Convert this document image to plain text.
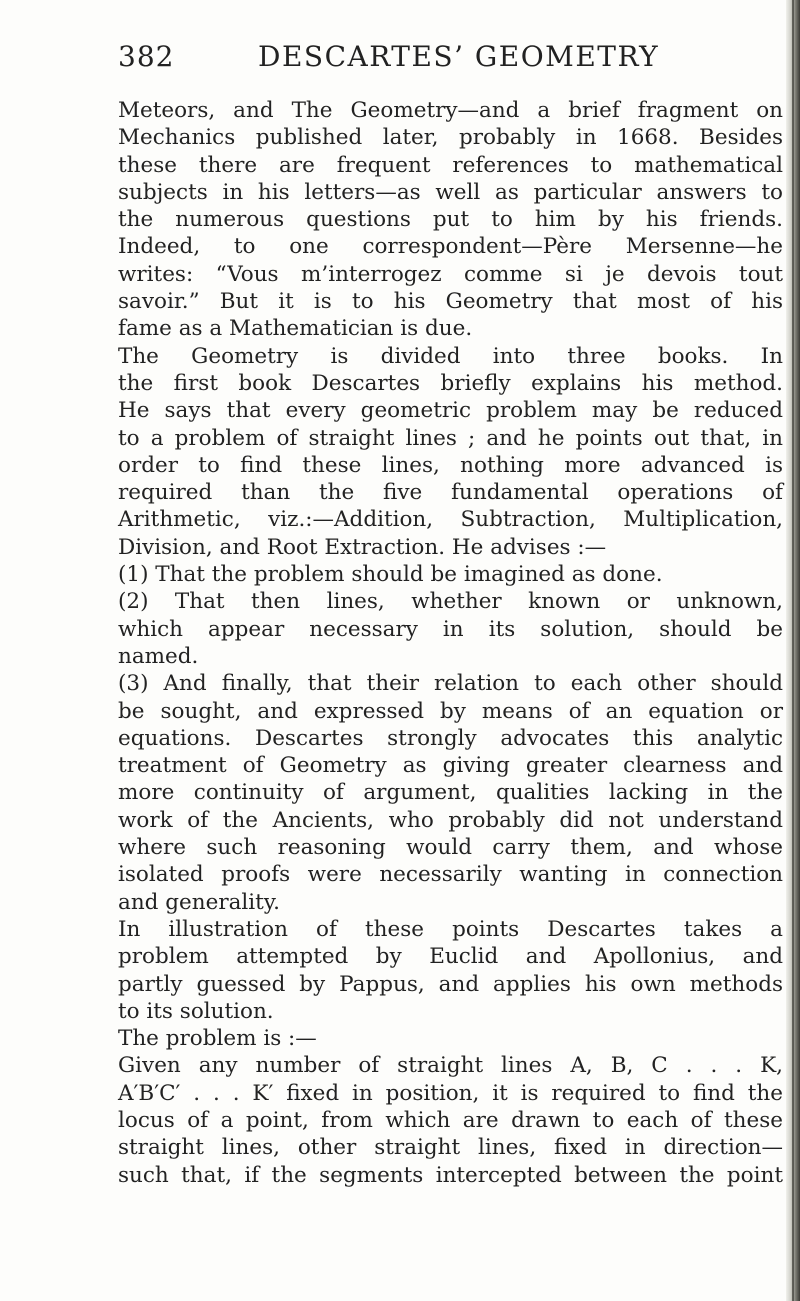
382	DESCARTES’ GEOMETRY
Meteors, and The Geometry—and a brief fragment on
Mechanics published later, probably in 1668. Besides
these there are frequent references to mathematical
subjects in his letters—as well as particular answers to
the numerous questions put to him by his friends.
Indeed, to one correspondent—Père Mersenne—he
writes: “Vous m’interrogez comme si je devois tout
savoir.” But it is to his Geometry that most of his
fame as a Mathematician is due.
The Geometry is divided into three books. In
the first book Descartes briefly explains his method.
He says that every geometric problem may be reduced
to a problem of straight lines ; and he points out that, in
order to find these lines, nothing more advanced is
required than the five fundamental operations of
Arithmetic, viz.:—Addition, Subtraction, Multiplication,
Division, and Root Extraction. He advises :—
(1) That the problem should be imagined as done.
(2) That then lines, whether known or unknown,
which appear necessary in its solution, should be
named.
(3) And finally, that their relation to each other should
be sought, and expressed by means of an equation or
equations. Descartes strongly advocates this analytic
treatment of Geometry as giving greater clearness and
more continuity of argument, qualities lacking in the
work of the Ancients, who probably did not understand
where such reasoning would carry them, and whose
isolated proofs were necessarily wanting in connection
and generality.
In illustration of these points Descartes takes a
problem attempted by Euclid and Apollonius, and
partly guessed by Pappus, and applies his own methods
to its solution.
The problem is :—
Given any number of straight lines A, B, C . . . K,
A′B′C′ . . . K′ fixed in position, it is required to find the
locus of a point, from which are drawn to each of these
straight lines, other straight lines, fixed in direction—
such that, if the segments intercepted between the point
